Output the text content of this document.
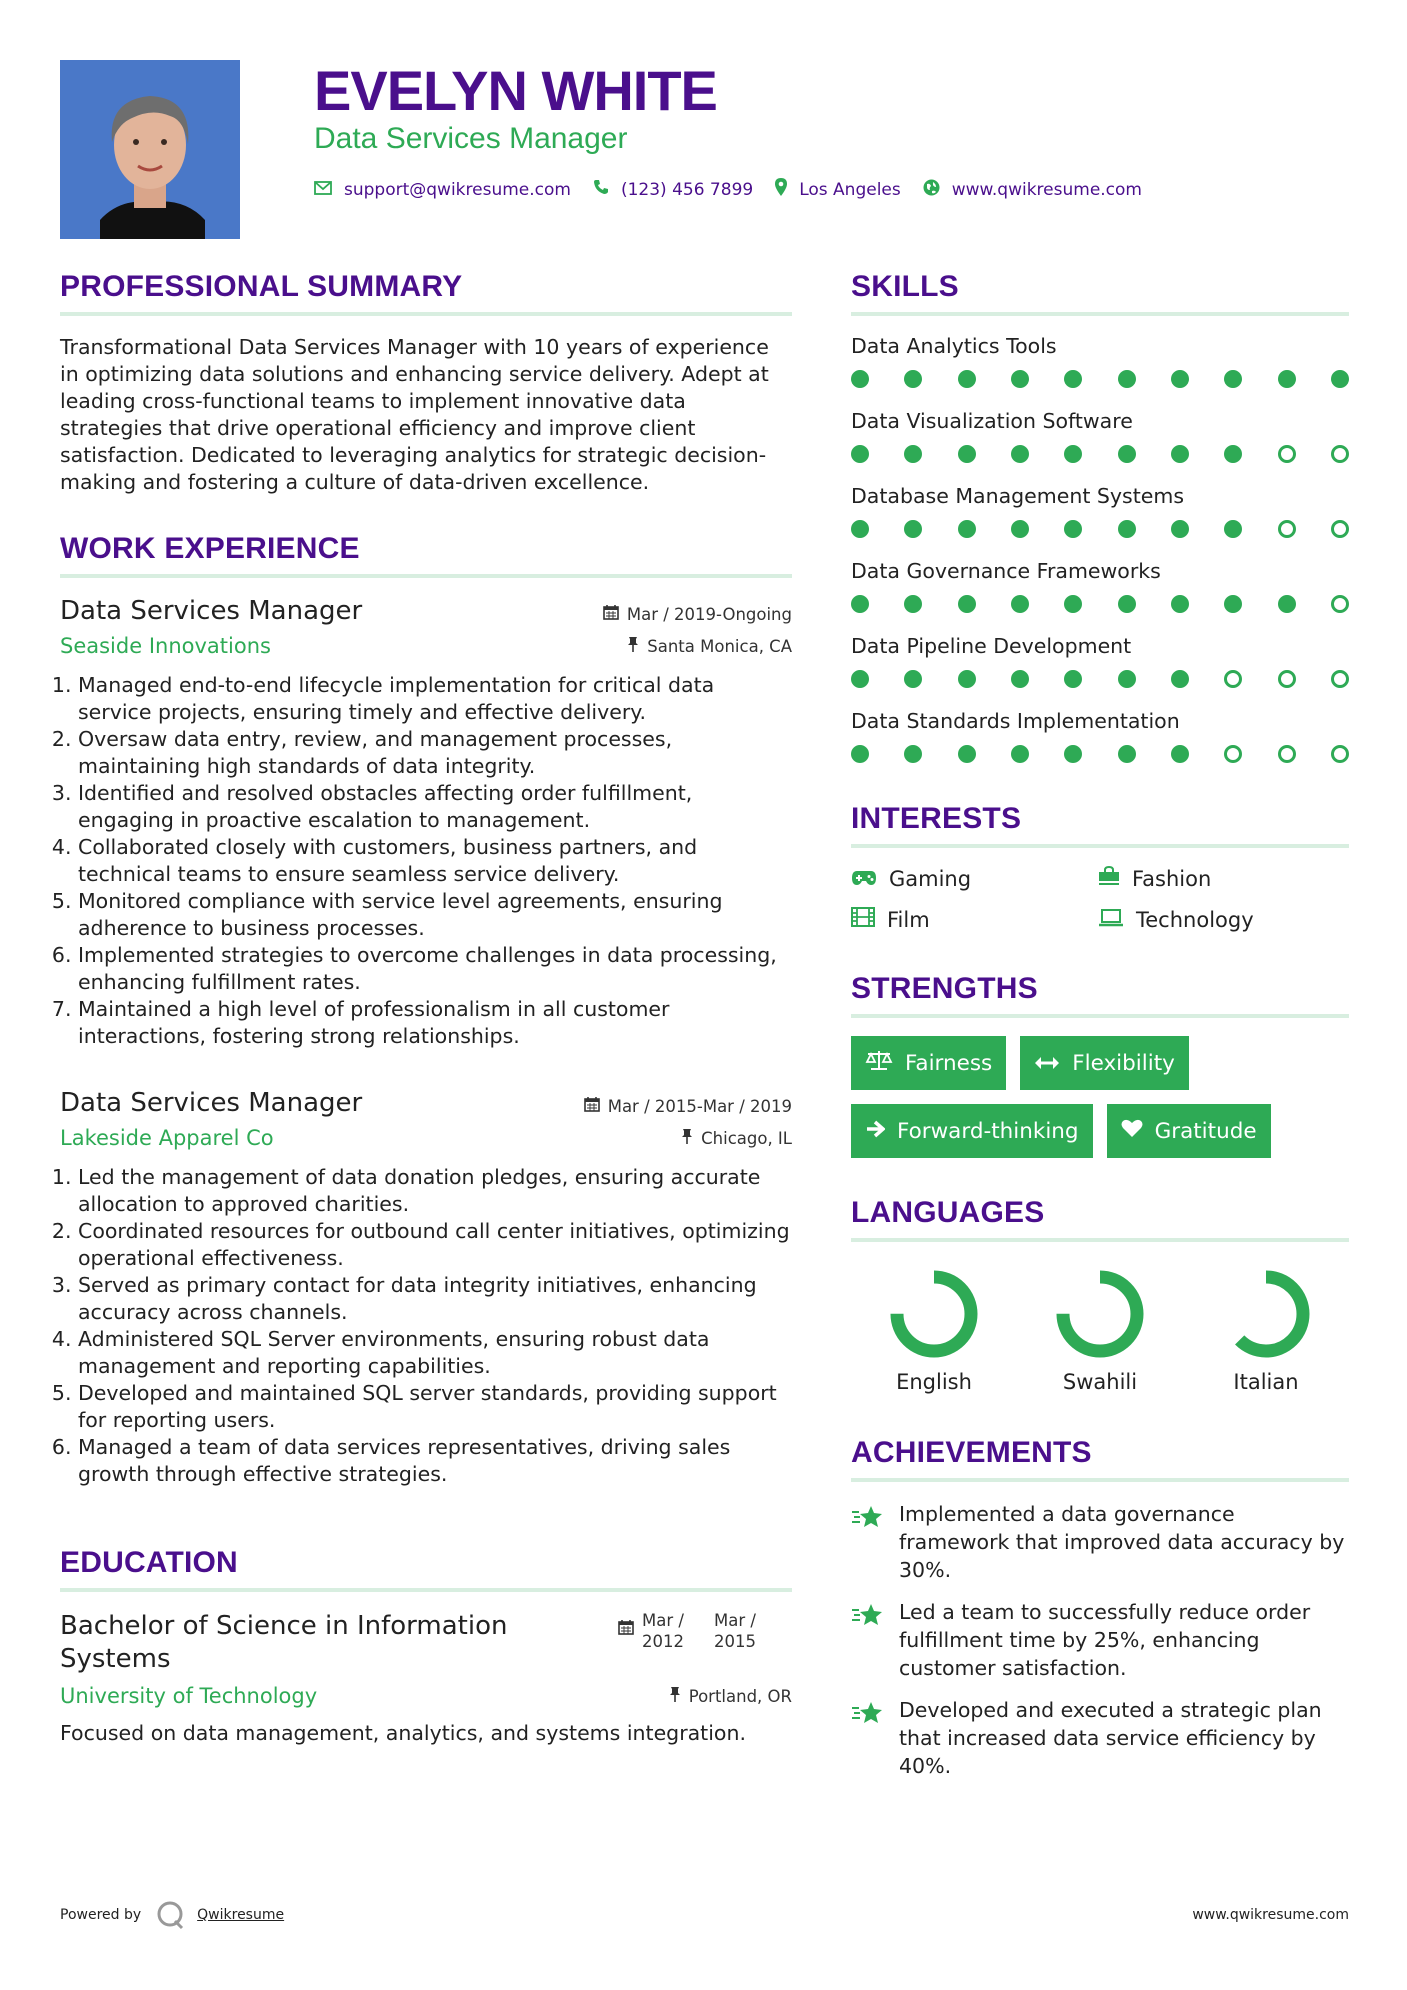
EVELYN WHITE
Data Services Manager
support@qwikresume.com	(123) 456 7899	Los Angeles	www.qwikresume.com
PROFESSIONAL SUMMARY

Transformational Data Services Manager with 10 years of experience in optimizing data solutions and enhancing service delivery. Adept at leading cross-functional teams to implement innovative data strategies that drive operational efficiency and improve client satisfaction. Dedicated to leveraging analytics for strategic decision-making and fostering a culture of data-driven excellence.

WORK EXPERIENCE
Data Services Manager	Mar / 2019-Ongoing
Seaside Innovations	Santa Monica, CA
1. Managed end-to-end lifecycle implementation for critical data service projects, ensuring timely and effective delivery.
2. Oversaw data entry, review, and management processes, maintaining high standards of data integrity.
3. Identified and resolved obstacles affecting order fulfillment, engaging in proactive escalation to management.
4. Collaborated closely with customers, business partners, and technical teams to ensure seamless service delivery.
5. Monitored compliance with service level agreements, ensuring adherence to business processes.
6. Implemented strategies to overcome challenges in data processing, enhancing fulfillment rates.
7. Maintained a high level of professionalism in all customer interactions, fostering strong relationships.
Data Services Manager	Mar / 2015-Mar / 2019
Lakeside Apparel Co	Chicago, IL
1. Led the management of data donation pledges, ensuring accurate allocation to approved charities.
2. Coordinated resources for outbound call center initiatives, optimizing operational effectiveness.
3. Served as primary contact for data integrity initiatives, enhancing accuracy across channels.
4. Administered SQL Server environments, ensuring robust data management and reporting capabilities.
5. Developed and maintained SQL server standards, providing support for reporting users.
6. Managed a team of data services representatives, driving sales growth through effective strategies.
EDUCATION
Bachelor of Science in Information Systems
Mar /
2012
Mar /
2015
University of Technology	Portland, OR

Focused on data management, analytics, and systems integration.

SKILLS
Data Analytics Tools
Data Visualization Software
Database Management Systems
Data Governance Frameworks
Data Pipeline Development
Data Standards Implementation
INTERESTS
Gaming	Fashion
Film	Technology
STRENGTHS
Fairness	Flexibility
Forward-thinking	Gratitude
LANGUAGES
English	Swahili	Italian
ACHIEVEMENTS
Implemented a data governance framework that improved data accuracy by 30%.
Led a team to successfully reduce order fulfillment time by 25%, enhancing customer satisfaction.
Developed and executed a strategic plan that increased data service efficiency by 40%.
Powered by	Qwikresume	www.qwikresume.com
